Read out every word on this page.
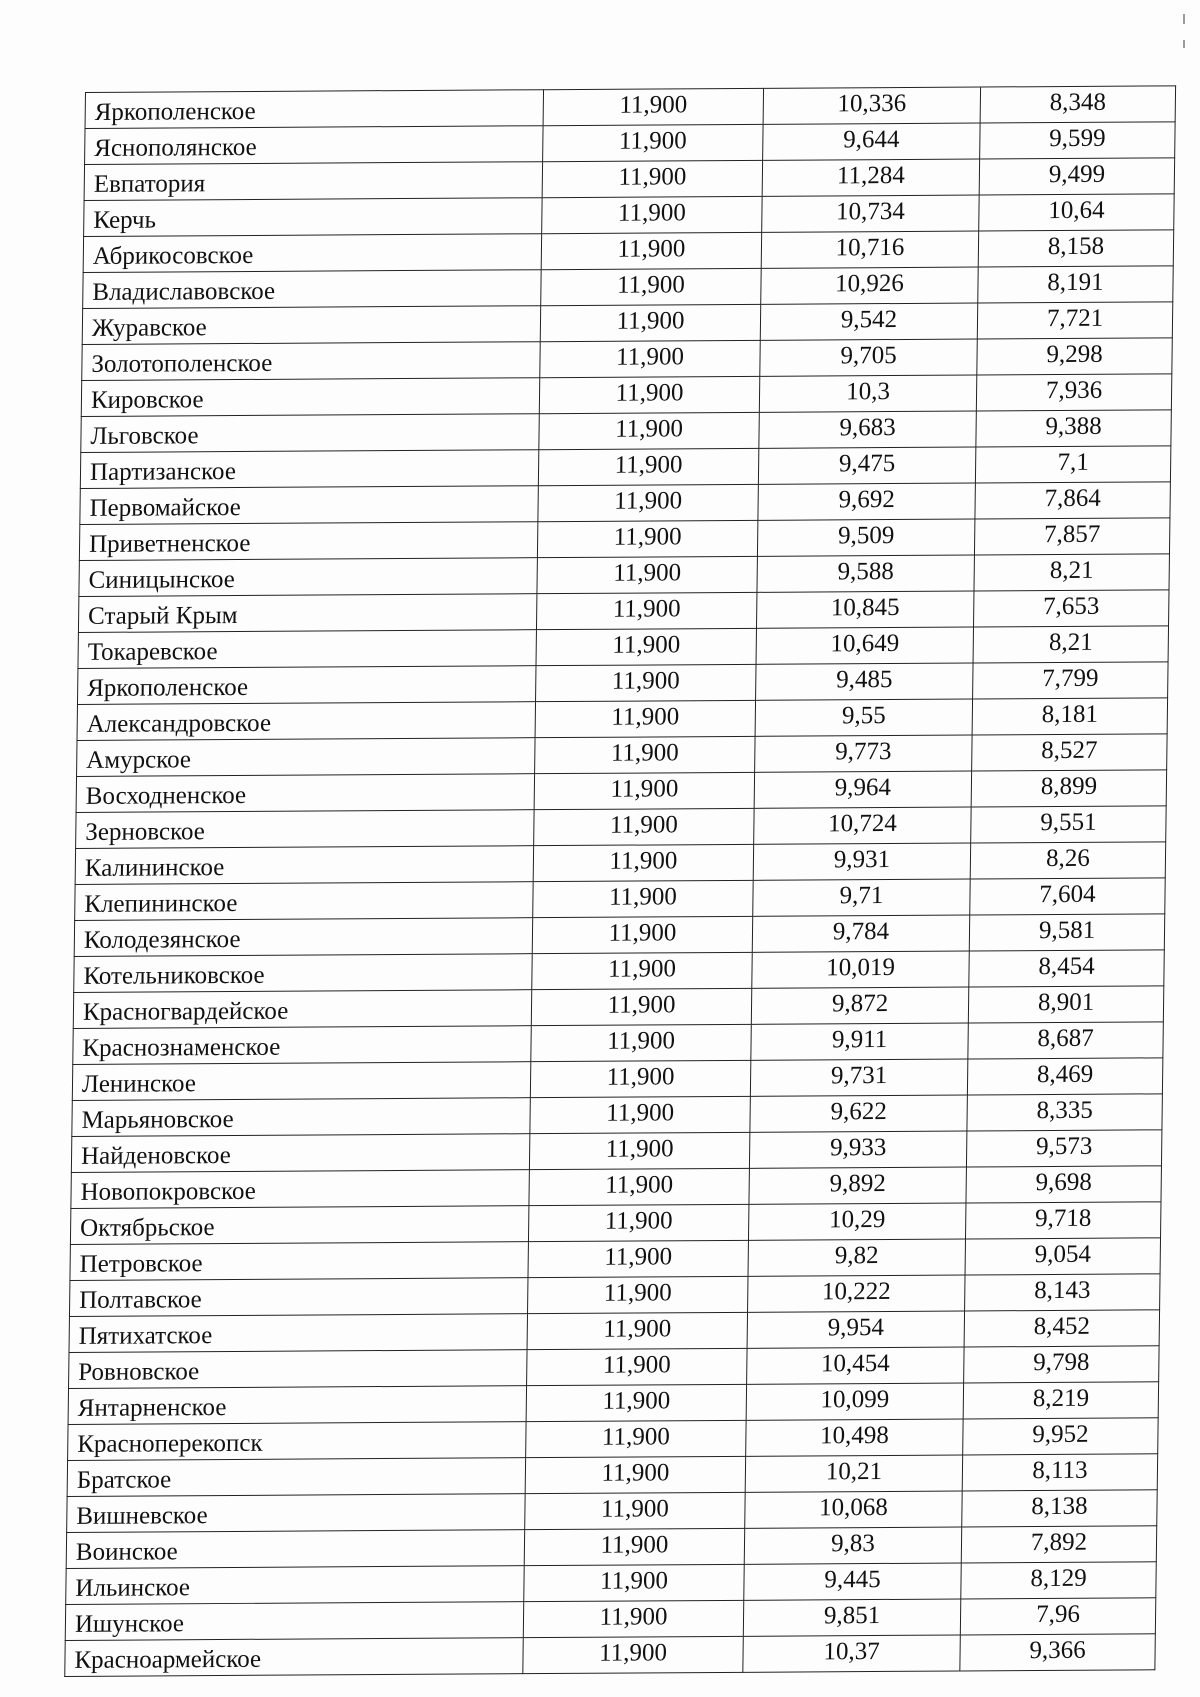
Яркополенское	11,900	10,336	8,348
Яснополянское	11,900	9,644	9,599
Евпатория	11,900	11,284	9,499
Керчь	11,900	10,734	10,64
Абрикосовское	11,900	10,716	8,158
Владиславовское	11,900	10,926	8,191
Журавское	11,900	9,542	7,721
Золотополенское	11,900	9,705	9,298
Кировское	11,900	10,3	7,936
Льговское	11,900	9,683	9,388
Партизанское	11,900	9,475	7,1
Первомайское	11,900	9,692	7,864
Приветненское	11,900	9,509	7,857
Синицынское	11,900	9,588	8,21
Старый Крым	11,900	10,845	7,653
Токаревское	11,900	10,649	8,21
Яркополенское	11,900	9,485	7,799
Александровское	11,900	9,55	8,181
Амурское	11,900	9,773	8,527
Восходненское	11,900	9,964	8,899
Зерновское	11,900	10,724	9,551
Калининское	11,900	9,931	8,26
Клепининское	11,900	9,71	7,604
Колодезянское	11,900	9,784	9,581
Котельниковское	11,900	10,019	8,454
Красногвардейское	11,900	9,872	8,901
Краснознаменское	11,900	9,911	8,687
Ленинское	11,900	9,731	8,469
Марьяновское	11,900	9,622	8,335
Найденовское	11,900	9,933	9,573
Новопокровское	11,900	9,892	9,698
Октябрьское	11,900	10,29	9,718
Петровское	11,900	9,82	9,054
Полтавское	11,900	10,222	8,143
Пятихатское	11,900	9,954	8,452
Ровновское	11,900	10,454	9,798
Янтарненское	11,900	10,099	8,219
Красноперекопск	11,900	10,498	9,952
Братское	11,900	10,21	8,113
Вишневское	11,900	10,068	8,138
Воинское	11,900	9,83	7,892
Ильинское	11,900	9,445	8,129
Ишунское	11,900	9,851	7,96
Красноармейское	11,900	10,37	9,366
